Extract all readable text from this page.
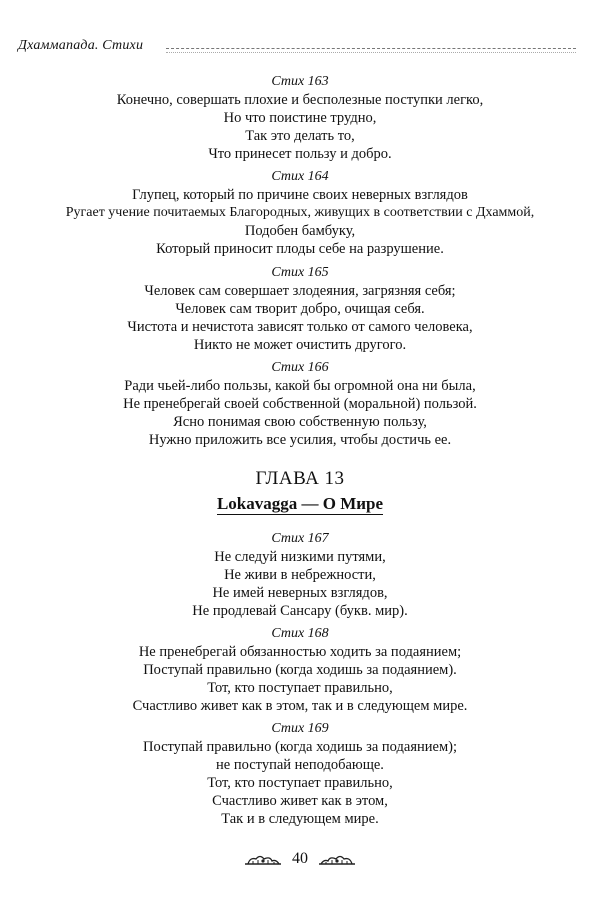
Дхаммапада. Стихи
Стих 163
Конечно, совершать плохие и бесполезные поступки легко,
Но что поистине трудно,
Так это делать то,
Что принесет пользу и добро.
Стих 164
Глупец, который по причине своих неверных взглядов
Ругает учение почитаемых Благородных, живущих в соответствии с Дхаммой,
Подобен бамбуку,
Который приносит плоды себе на разрушение.
Стих 165
Человек сам совершает злодеяния, загрязняя себя;
Человек сам творит добро, очищая себя.
Чистота и нечистота зависят только от самого человека,
Никто не может очистить другого.
Стих 166
Ради чьей-либо пользы, какой бы огромной она ни была,
Не пренебрегай своей собственной (моральной) пользой.
Ясно понимая свою собственную пользу,
Нужно приложить все усилия, чтобы достичь ее.
ГЛАВА 13
Lokavagga — О Мире
Стих 167
Не следуй низкими путями,
Не живи в небрежности,
Не имей неверных взглядов,
Не продлевай Сансару (букв. мир).
Стих 168
Не пренебрегай обязанностью ходить за подаянием;
Поступай правильно (когда ходишь за подаянием).
Тот, кто поступает правильно,
Счастливо живет как в этом, так и в следующем мире.
Стих 169
Поступай правильно (когда ходишь за подаянием);
не поступай неподобающе.
Тот, кто поступает правильно,
Счастливо живет как в этом,
Так и в следующем мире.
40
